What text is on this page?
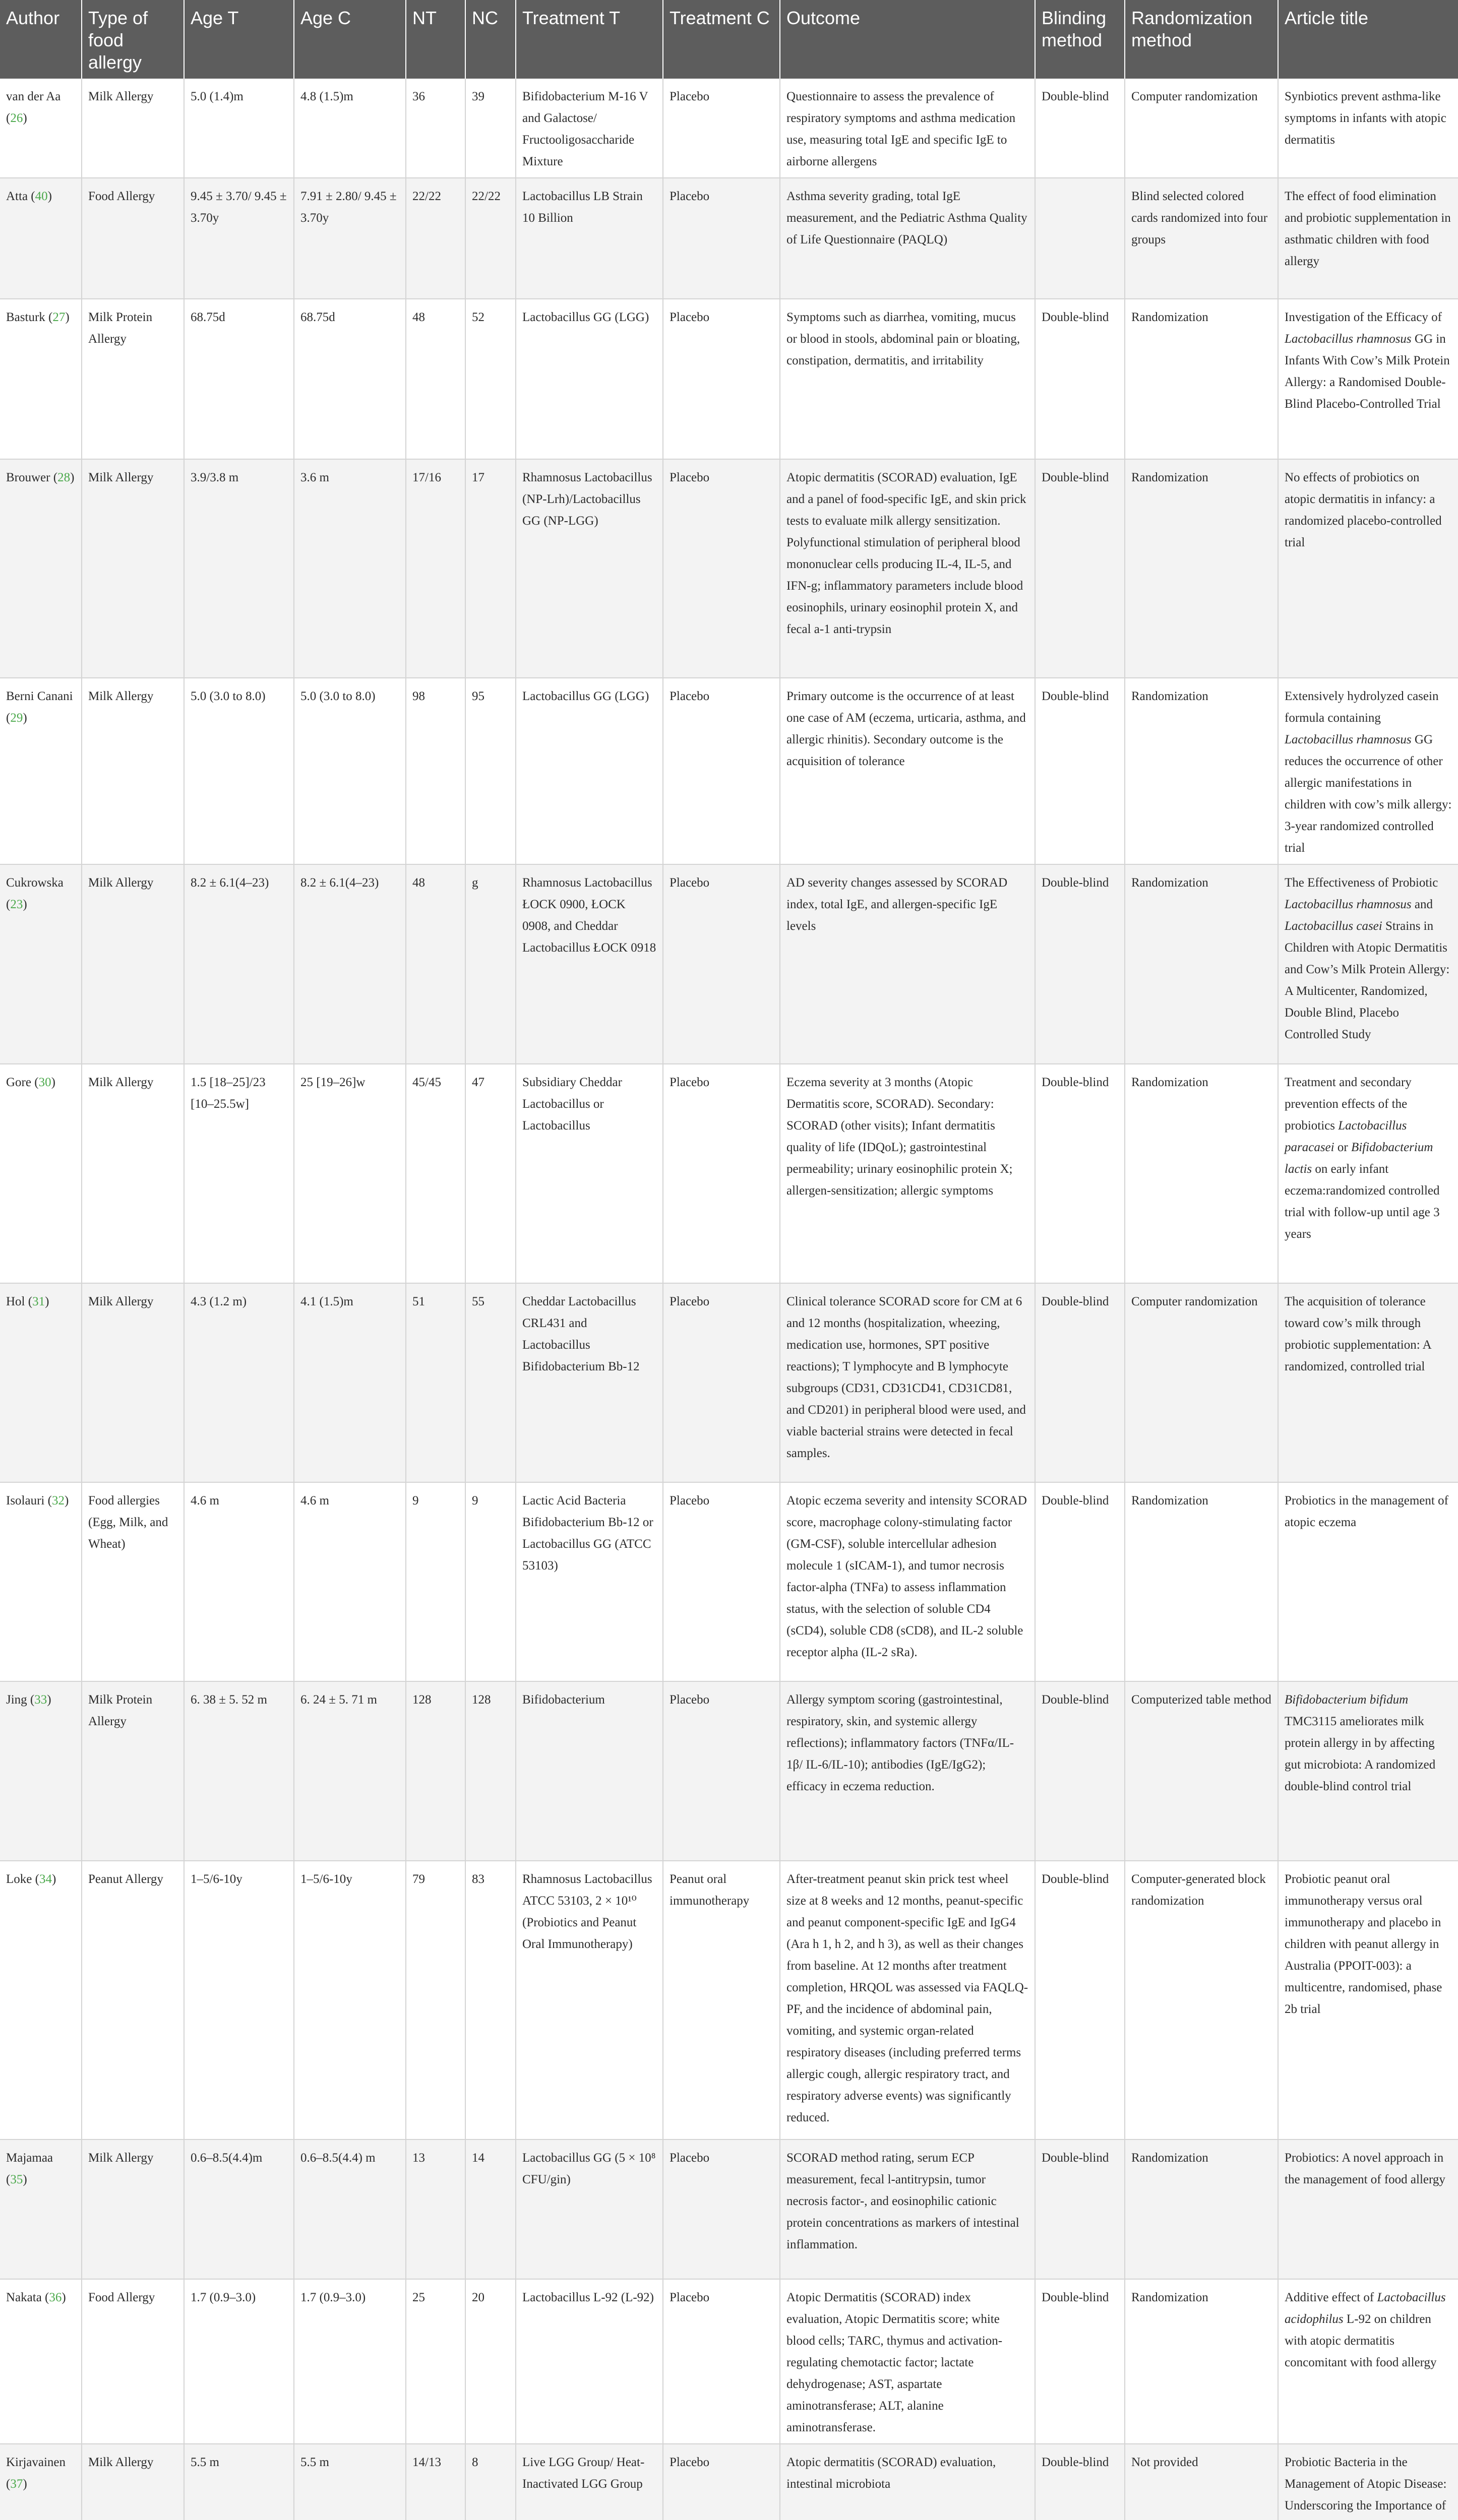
Author	Type of food allergy	Age T	Age C	NT	NC	Treatment T	Treatment C	Outcome	Blinding method	Randomization method	Article title
van der Aa (26)	Milk Allergy	5.0 (1.4)m	4.8 (1.5)m	36	39	Bifidobacterium M-16 V and Galactose/ Fructooligosaccharide Mixture	Placebo	Questionnaire to assess the prevalence of respiratory symptoms and asthma medication use, measuring total IgE and specific IgE to airborne allergens	Double-blind	Computer randomization	Synbiotics prevent asthma-like symptoms in infants with atopic dermatitis
Atta (40)	Food Allergy	9.45 ± 3.70/ 9.45 ± 3.70y	7.91 ± 2.80/ 9.45 ± 3.70y	22/22	22/22	Lactobacillus LB Strain 10 Billion	Placebo	Asthma severity grading, total IgE measurement, and the Pediatric Asthma Quality of Life Questionnaire (PAQLQ)		Blind selected colored cards randomized into four groups	The effect of food elimination and probiotic supplementation in asthmatic children with food allergy
Basturk (27)	Milk Protein Allergy	68.75d	68.75d	48	52	Lactobacillus GG (LGG)	Placebo	Symptoms such as diarrhea, vomiting, mucus or blood in stools, abdominal pain or bloating, constipation, dermatitis, and irritability	Double-blind	Randomization	Investigation of the Efficacy of Lactobacillus rhamnosus GG in Infants With Cow’s Milk Protein Allergy: a Randomised Double-Blind Placebo-Controlled Trial
Brouwer (28)	Milk Allergy	3.9/3.8 m	3.6 m	17/16	17	Rhamnosus Lactobacillus (NP-Lrh)/Lactobacillus GG (NP-LGG)	Placebo	Atopic dermatitis (SCORAD) evaluation, IgE and a panel of food-specific IgE, and skin prick tests to evaluate milk allergy sensitization. Polyfunctional stimulation of peripheral blood mononuclear cells producing IL-4, IL-5, and IFN-g; inflammatory parameters include blood eosinophils, urinary eosinophil protein X, and fecal a-1 anti-trypsin	Double-blind	Randomization	No effects of probiotics on atopic dermatitis in infancy: a randomized placebo-controlled trial
Berni Canani (29)	Milk Allergy	5.0 (3.0 to 8.0)	5.0 (3.0 to 8.0)	98	95	Lactobacillus GG (LGG)	Placebo	Primary outcome is the occurrence of at least one case of AM (eczema, urticaria, asthma, and allergic rhinitis). Secondary outcome is the acquisition of tolerance	Double-blind	Randomization	Extensively hydrolyzed casein formula containing Lactobacillus rhamnosus GG reduces the occurrence of other allergic manifestations in children with cow’s milk allergy: 3-year randomized controlled trial
Cukrowska (23)	Milk Allergy	8.2 ± 6.1(4–23)	8.2 ± 6.1(4–23)	48	g	Rhamnosus Lactobacillus ŁOCK 0900, ŁOCK 0908, and Cheddar Lactobacillus ŁOCK 0918	Placebo	AD severity changes assessed by SCORAD index, total IgE, and allergen-specific IgE levels	Double-blind	Randomization	The Effectiveness of Probiotic Lactobacillus rhamnosus and Lactobacillus casei Strains in Children with Atopic Dermatitis and Cow’s Milk Protein Allergy: A Multicenter, Randomized, Double Blind, Placebo Controlled Study
Gore (30)	Milk Allergy	1.5 [18–25]/23 [10–25.5w]	25 [19–26]w	45/45	47	Subsidiary Cheddar Lactobacillus or Lactobacillus	Placebo	Eczema severity at 3 months (Atopic Dermatitis score, SCORAD). Secondary: SCORAD (other visits); Infant dermatitis quality of life (IDQoL); gastrointestinal permeability; urinary eosinophilic protein X; allergen-sensitization; allergic symptoms	Double-blind	Randomization	Treatment and secondary prevention effects of the probiotics Lactobacillus paracasei or Bifidobacterium lactis on early infant eczema:randomized controlled trial with follow-up until age 3 years
Hol (31)	Milk Allergy	4.3 (1.2 m)	4.1 (1.5)m	51	55	Cheddar Lactobacillus CRL431 and Lactobacillus Bifidobacterium Bb-12	Placebo	Clinical tolerance SCORAD score for CM at 6 and 12 months (hospitalization, wheezing, medication use, hormones, SPT positive reactions); T lymphocyte and B lymphocyte subgroups (CD31, CD31CD41, CD31CD81, and CD201) in peripheral blood were used, and viable bacterial strains were detected in fecal samples.	Double-blind	Computer randomization	The acquisition of tolerance toward cow’s milk through probiotic supplementation: A randomized, controlled trial
Isolauri (32)	Food allergies (Egg, Milk, and Wheat)	4.6 m	4.6 m	9	9	Lactic Acid Bacteria Bifidobacterium Bb-12 or Lactobacillus GG (ATCC 53103)	Placebo	Atopic eczema severity and intensity SCORAD score, macrophage colony-stimulating factor (GM-CSF), soluble intercellular adhesion molecule 1 (sICAM-1), and tumor necrosis factor-alpha (TNFa) to assess inflammation status, with the selection of soluble CD4 (sCD4), soluble CD8 (sCD8), and IL-2 soluble receptor alpha (IL-2 sRa).	Double-blind	Randomization	Probiotics in the management of atopic eczema
Jing (33)	Milk Protein Allergy	6. 38 ± 5. 52 m	6. 24 ± 5. 71 m	128	128	Bifidobacterium	Placebo	Allergy symptom scoring (gastrointestinal, respiratory, skin, and systemic allergy reflections); inflammatory factors (TNFα/IL-1β/ IL-6/IL-10); antibodies (IgE/IgG2); efficacy in eczema reduction.	Double-blind	Computerized table method	Bifidobacterium bifidum TMC3115 ameliorates milk protein allergy in by affecting gut microbiota: A randomized double-blind control trial
Loke (34)	Peanut Allergy	1–5/6-10y	1–5/6-10y	79	83	Rhamnosus Lactobacillus ATCC 53103, 2 × 10¹⁰ (Probiotics and Peanut Oral Immunotherapy)	Peanut oral immunotherapy	After-treatment peanut skin prick test wheel size at 8 weeks and 12 months, peanut-specific and peanut component-specific IgE and IgG4 (Ara h 1, h 2, and h 3), as well as their changes from baseline. At 12 months after treatment completion, HRQOL was assessed via FAQLQ-PF, and the incidence of abdominal pain, vomiting, and systemic organ-related respiratory diseases (including preferred terms allergic cough, allergic respiratory tract, and respiratory adverse events) was significantly reduced.	Double-blind	Computer-generated block randomization	Probiotic peanut oral immunotherapy versus oral immunotherapy and placebo in children with peanut allergy in Australia (PPOIT-003): a multicentre, randomised, phase 2b trial
Majamaa (35)	Milk Allergy	0.6–8.5(4.4)m	0.6–8.5(4.4) m	13	14	Lactobacillus GG (5 × 10⁸ CFU/gin)	Placebo	SCORAD method rating, serum ECP measurement, fecal l-antitrypsin, tumor necrosis factor-, and eosinophilic cationic protein concentrations as markers of intestinal inflammation.	Double-blind	Randomization	Probiotics: A novel approach in the management of food allergy
Nakata (36)	Food Allergy	1.7 (0.9–3.0)	1.7 (0.9–3.0)	25	20	Lactobacillus L-92 (L-92)	Placebo	Atopic Dermatitis (SCORAD) index evaluation, Atopic Dermatitis score; white blood cells; TARC, thymus and activation-regulating chemotactic factor; lactate dehydrogenase; AST, aspartate aminotransferase; ALT, alanine aminotransferase.	Double-blind	Randomization	Additive effect of Lactobacillus acidophilus L-92 on children with atopic dermatitis concomitant with food allergy
Kirjavainen (37)	Milk Allergy	5.5 m	5.5 m	14/13	8	Live LGG Group/ Heat-Inactivated LGG Group	Placebo	Atopic dermatitis (SCORAD) evaluation, intestinal microbiota	Double-blind	Not provided	Probiotic Bacteria in the Management of Atopic Disease: Underscoring the Importance of
